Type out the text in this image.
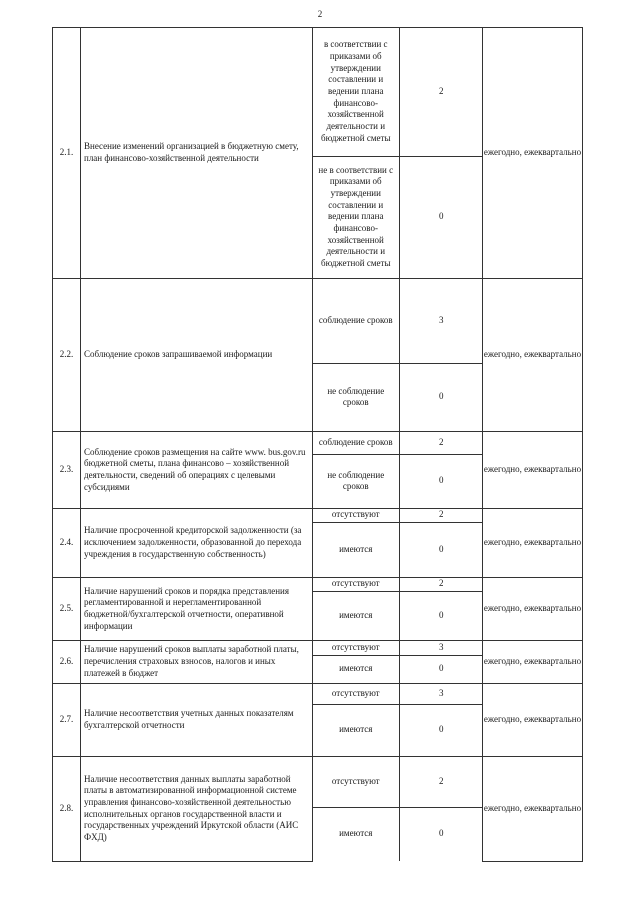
2
2.1.	Внесение изменений организацией в бюджетную смету, план финансово-хозяйственной деятельности	
в соответствии с приказами об утверждении составлении и ведении плана финансово-хозяйственной деятельности и бюджетной сметы	2
не в соответствии с приказами об утверждении составлении и ведении плана финансово-хозяйственной деятельности и бюджетной сметы	0
	ежегодно, ежеквартально
2.2.	Соблюдение сроков запрашиваемой информации	
соблюдение сроков	3
не соблюдение сроков	0
	ежегодно, ежеквартально
2.3.	Соблюдение сроков размещения на сайте www. bus.gov.ru бюджетной сметы, плана финансово – хозяйственной деятельности, сведений об операциях с целевыми субсидиями	
соблюдение сроков	2
не соблюдение сроков	0
	ежегодно, ежеквартально
2.4.	Наличие просроченной кредиторской задолженности (за исключением задолженности, образованной до перехода учреждения в государственную собственность)	
отсутствуют	2
имеются	0
	ежегодно, ежеквартально
2.5.	Наличие нарушений сроков и порядка представления регламентированной и нерегламентированной бюджетной/бухгалтерской отчетности, оперативной информации	
отсутствуют	2
имеются	0
	ежегодно, ежеквартально
2.6.	Наличие нарушений сроков выплаты заработной платы, перечисления страховых взносов, налогов и иных платежей в бюджет	
отсутствуют	3
имеются	0
	ежегодно, ежеквартально
2.7.	Наличие несоответствия учетных данных показателям бухгалтерской отчетности	
отсутствуют	3
имеются	0
	ежегодно, ежеквартально
2.8.	Наличие несоответствия данных выплаты заработной платы в автоматизированной информационной системе управления финансово-хозяйственной деятельностью исполнительных органов государственной власти и государственных учреждений Иркутской области (АИС ФХД)	
отсутствуют	2
имеются	0
	ежегодно, ежеквартально
